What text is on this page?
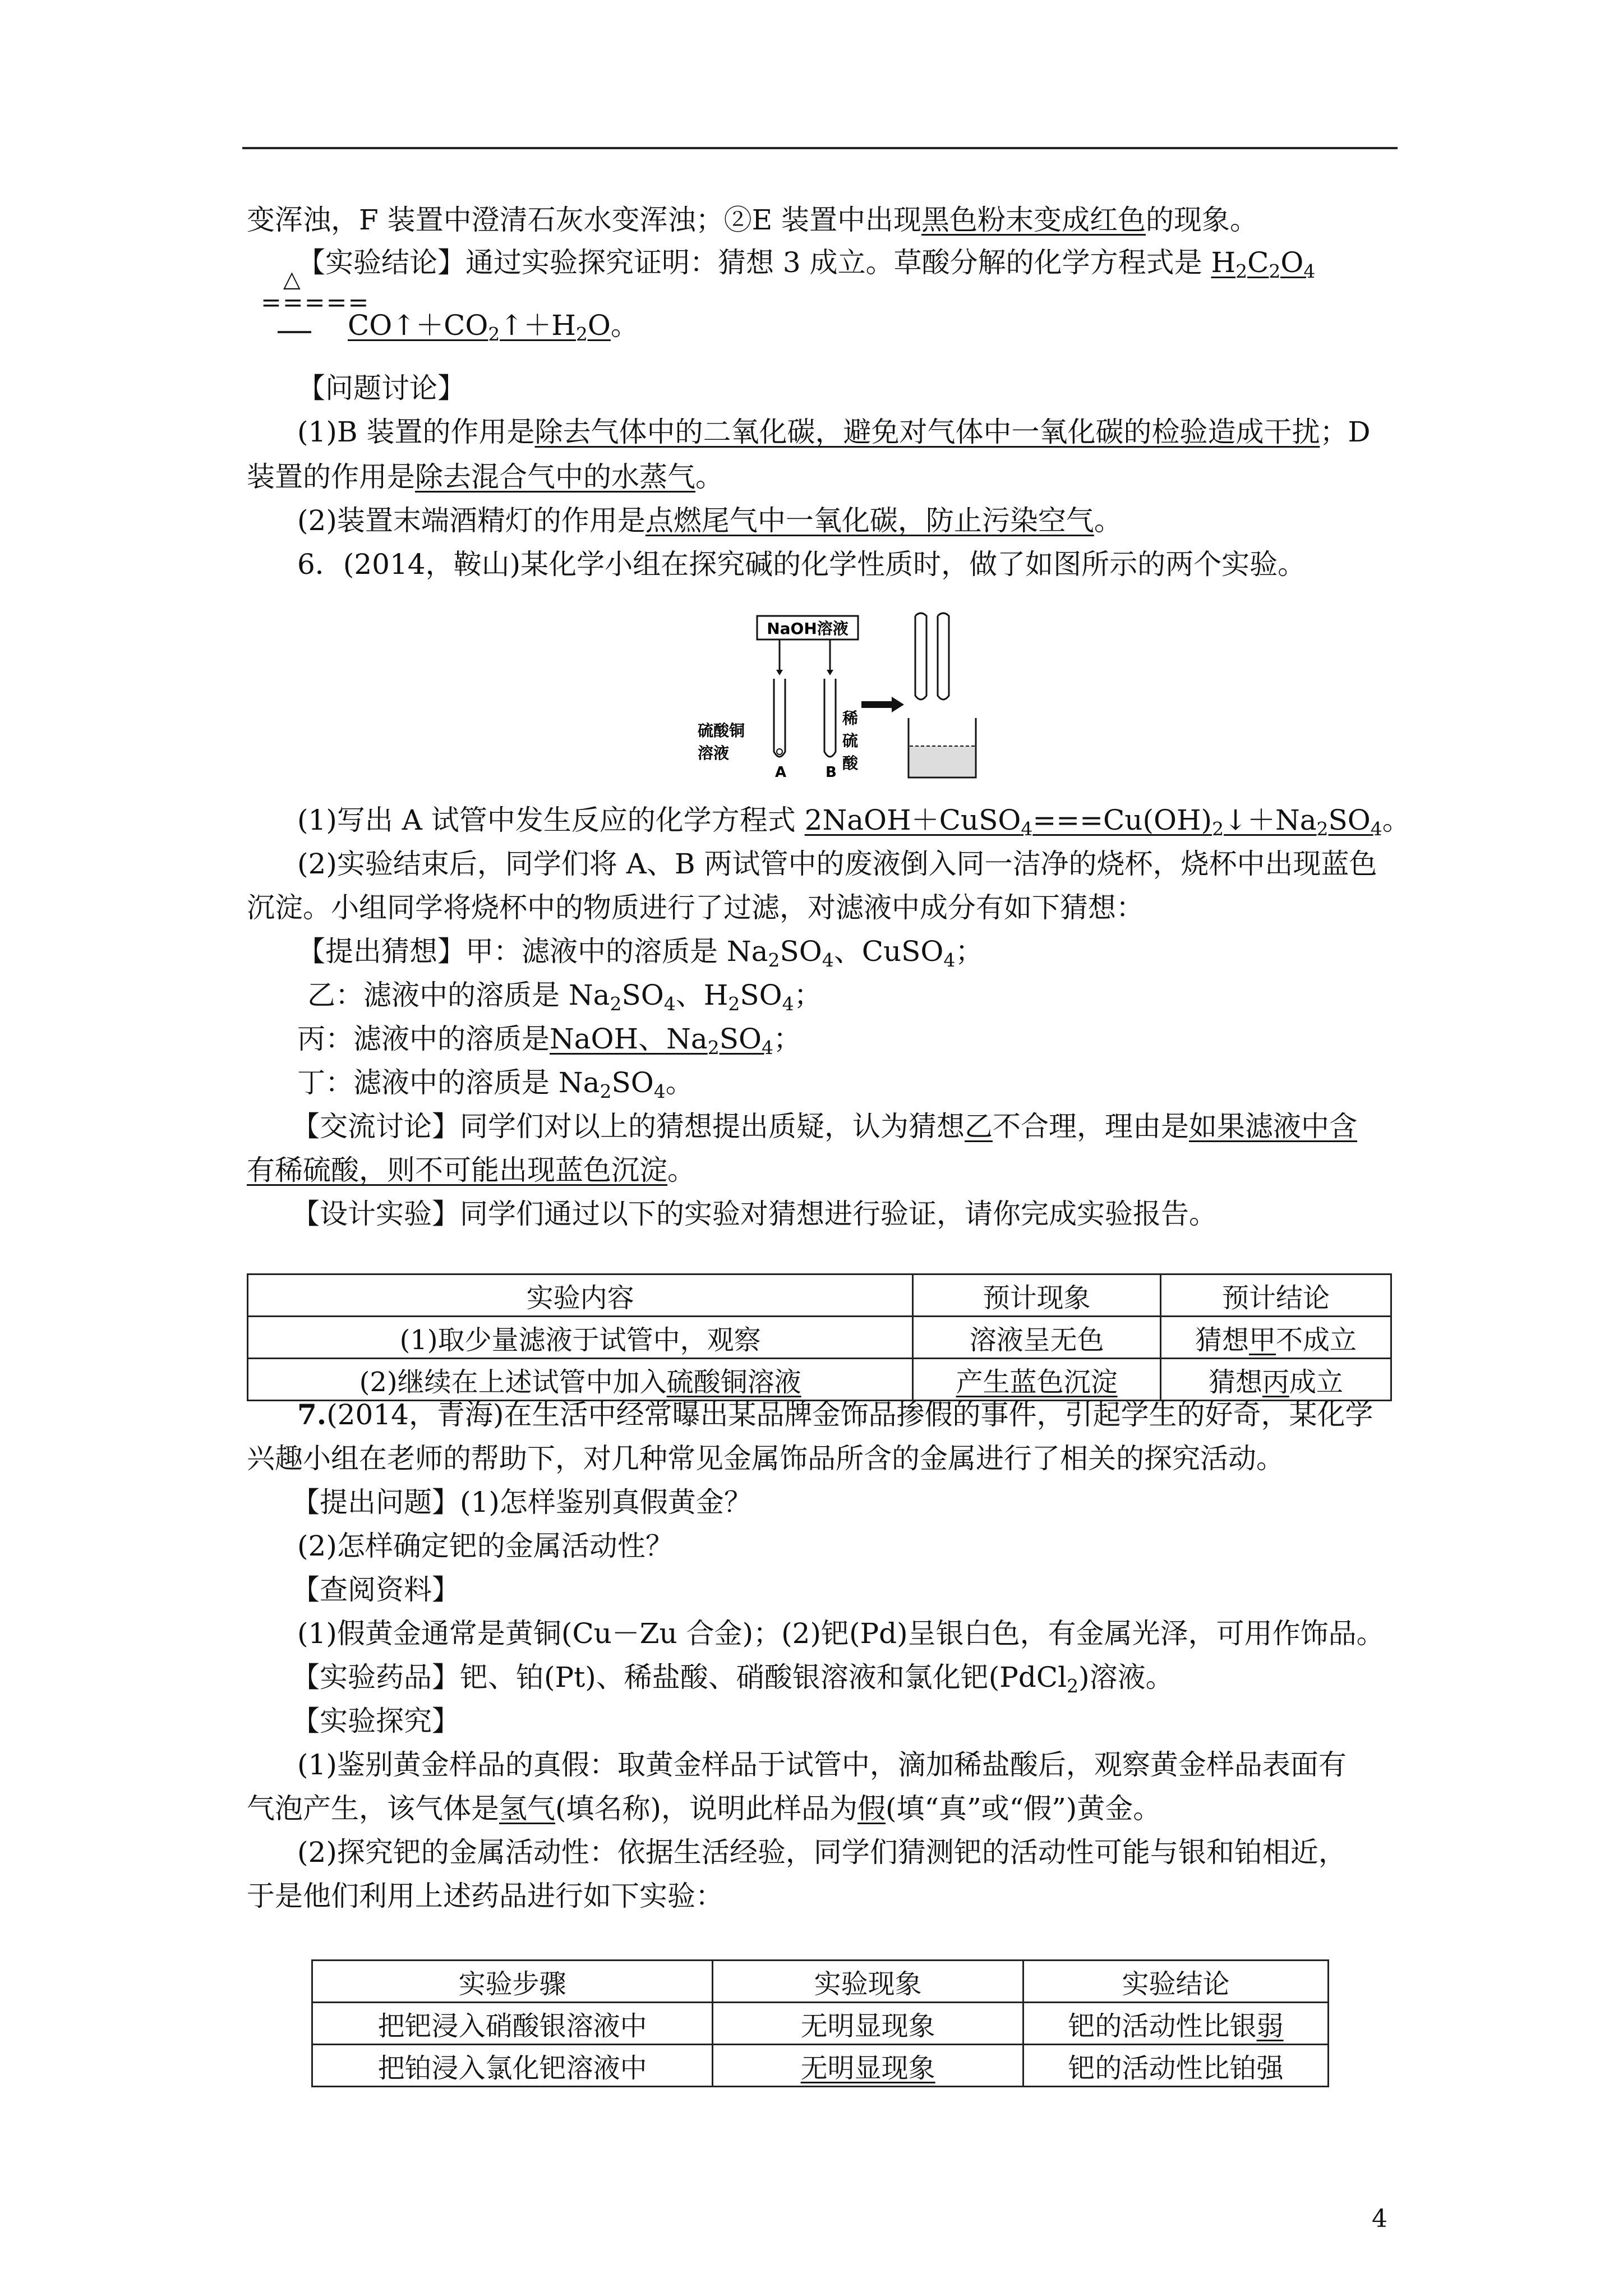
变浑浊，F 装置中澄清石灰水变浑浊；②E 装置中出现黑色粉末变成红色的现象。
【实验结论】通过实验探究证明：猜想 3 成立。草酸分解的化学方程式是 $H_2C_2O_4$
△
=====
$CO↑+CO_2↑+H_2O$。
【问题讨论】
(1)B 装置的作用是除去气体中的二氧化碳，避免对气体中一氧化碳的检验造成干扰；D
装置的作用是除去混合气中的水蒸气。
(2)装置末端酒精灯的作用是点燃尾气中一氧化碳，防止污染空气。
6．(2014，鞍山)某化学小组在探究碱的化学性质时，做了如图所示的两个实验。
NaOH溶液
硫酸铜
溶液
A	B
稀
硫
酸
(1)写出 A 试管中发生反应的化学方程式 $2NaOH+CuSO_4===Cu(OH)_2↓+Na_2SO_4$。
(2)实验结束后，同学们将 A、B 两试管中的废液倒入同一洁净的烧杯，烧杯中出现蓝色
沉淀。小组同学将烧杯中的物质进行了过滤，对滤液中成分有如下猜想：
【提出猜想】甲：滤液中的溶质是 $Na_2SO_4$、CuSO$_4$；
乙：滤液中的溶质是 $Na_2SO_4$、$H_2SO_4$；
丙：滤液中的溶质是NaOH、$Na_2SO_4$；
丁：滤液中的溶质是 $Na_2SO_4$。
【交流讨论】同学们对以上的猜想提出质疑，认为猜想乙不合理，理由是如果滤液中含
有稀硫酸，则不可能出现蓝色沉淀。
【设计实验】同学们通过以下的实验对猜想进行验证，请你完成实验报告。
实验内容	预计现象	预计结论
(1)取少量滤液于试管中，观察	溶液呈无色	猜想甲不成立
(2)继续在上述试管中加入硫酸铜溶液	产生蓝色沉淀	猜想丙成立
7.(2014，青海)在生活中经常曝出某品牌金饰品掺假的事件，引起学生的好奇，某化学
兴趣小组在老师的帮助下，对几种常见金属饰品所含的金属进行了相关的探究活动。
【提出问题】(1)怎样鉴别真假黄金？
(2)怎样确定钯的金属活动性？
【查阅资料】
(1)假黄金通常是黄铜(Cu－Zu 合金)；(2)钯(Pd)呈银白色，有金属光泽，可用作饰品。
【实验药品】钯、铂(Pt)、稀盐酸、硝酸银溶液和氯化钯(PdCl$_2$)溶液。
【实验探究】
(1)鉴别黄金样品的真假：取黄金样品于试管中，滴加稀盐酸后，观察黄金样品表面有
气泡产生，该气体是氢气(填名称)，说明此样品为假(填“真”或“假”)黄金。
(2)探究钯的金属活动性：依据生活经验，同学们猜测钯的活动性可能与银和铂相近，
于是他们利用上述药品进行如下实验：
实验步骤	实验现象	实验结论
把钯浸入硝酸银溶液中	无明显现象	钯的活动性比银弱
把铂浸入氯化钯溶液中	无明显现象	钯的活动性比铂强
4
